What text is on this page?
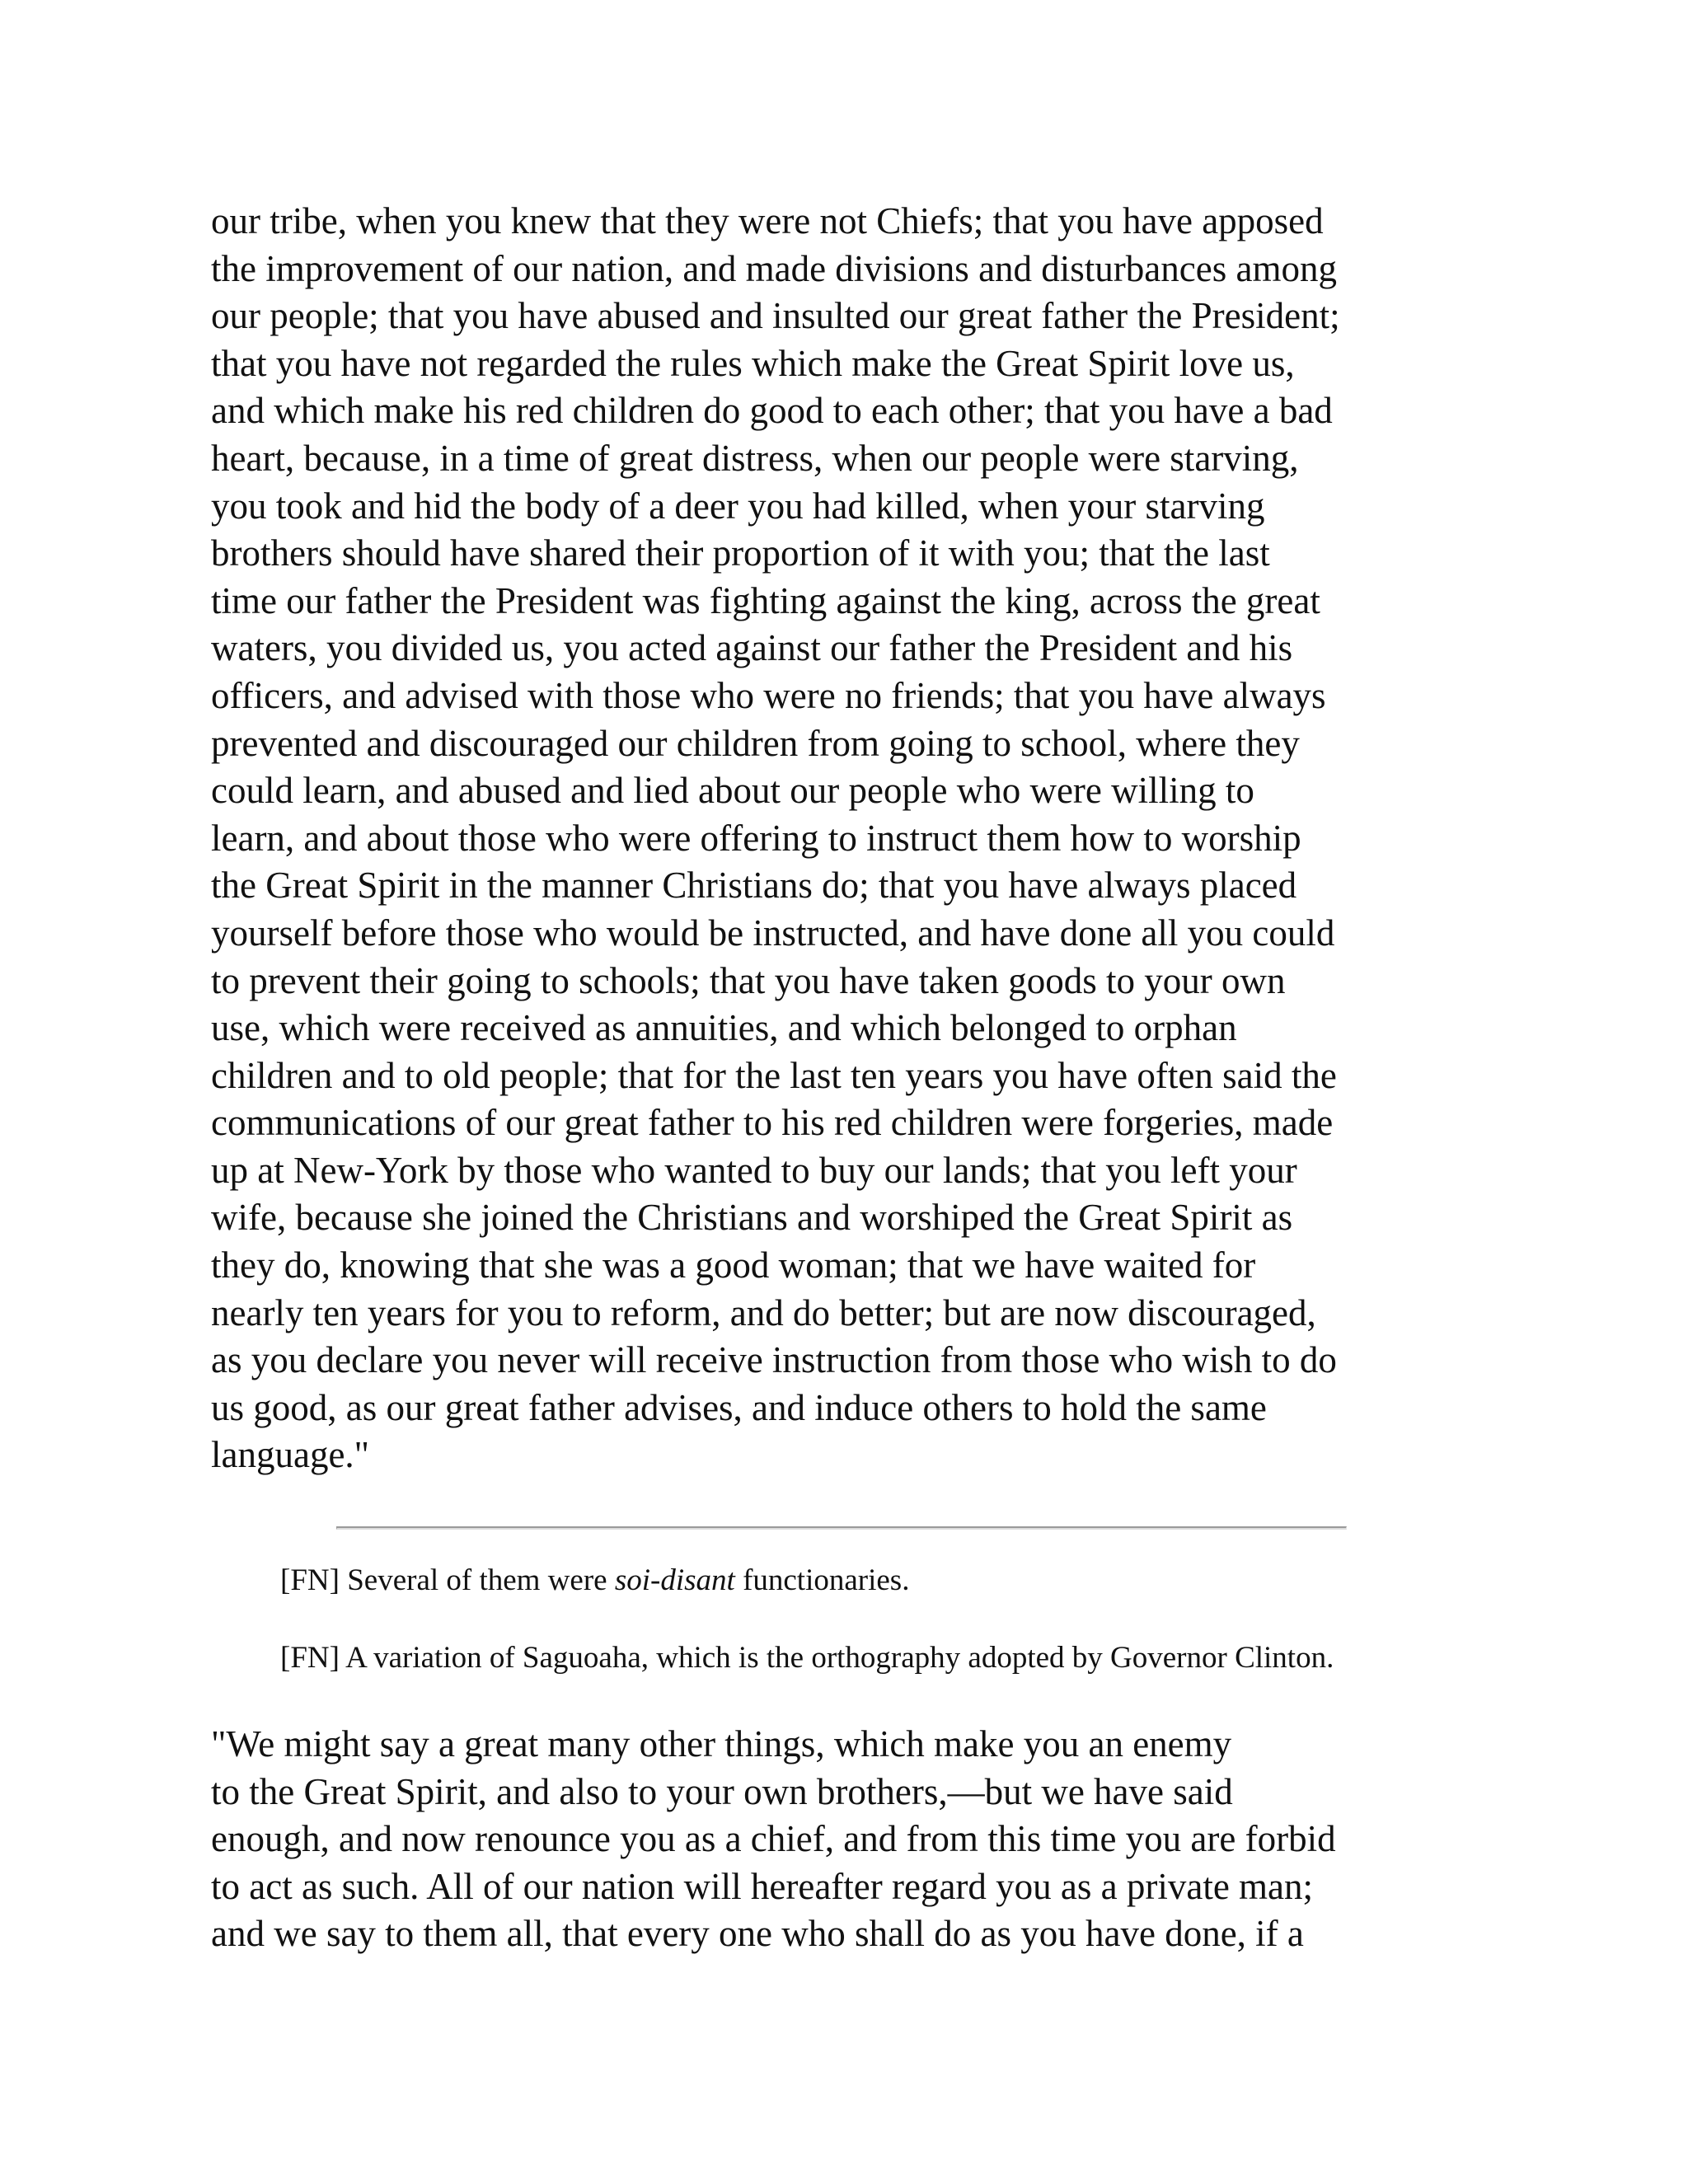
our tribe, when you knew that they were not Chiefs; that you have apposed
the improvement of our nation, and made divisions and disturbances among
our people; that you have abused and insulted our great father the President;
that you have not regarded the rules which make the Great Spirit love us,
and which make his red children do good to each other; that you have a bad
heart, because, in a time of great distress, when our people were starving,
you took and hid the body of a deer you had killed, when your starving
brothers should have shared their proportion of it with you; that the last
time our father the President was fighting against the king, across the great
waters, you divided us, you acted against our father the President and his
officers, and advised with those who were no friends; that you have always
prevented and discouraged our children from going to school, where they
could learn, and abused and lied about our people who were willing to
learn, and about those who were offering to instruct them how to worship
the Great Spirit in the manner Christians do; that you have always placed
yourself before those who would be instructed, and have done all you could
to prevent their going to schools; that you have taken goods to your own
use, which were received as annuities, and which belonged to orphan
children and to old people; that for the last ten years you have often said the
communications of our great father to his red children were forgeries, made
up at New-York by those who wanted to buy our lands; that you left your
wife, because she joined the Christians and worshiped the Great Spirit as
they do, knowing that she was a good woman; that we have waited for
nearly ten years for you to reform, and do better; but are now discouraged,
as you declare you never will receive instruction from those who wish to do
us good, as our great father advises, and induce others to hold the same
language."

[FN] Several of them were soi-disant functionaries.

[FN] A variation of Saguoaha, which is the orthography adopted by Governor Clinton.

"We might say a great many other things, which make you an enemy
to the Great Spirit, and also to your own brothers,—but we have said
enough, and now renounce you as a chief, and from this time you are forbid
to act as such. All of our nation will hereafter regard you as a private man;
and we say to them all, that every one who shall do as you have done, if a
